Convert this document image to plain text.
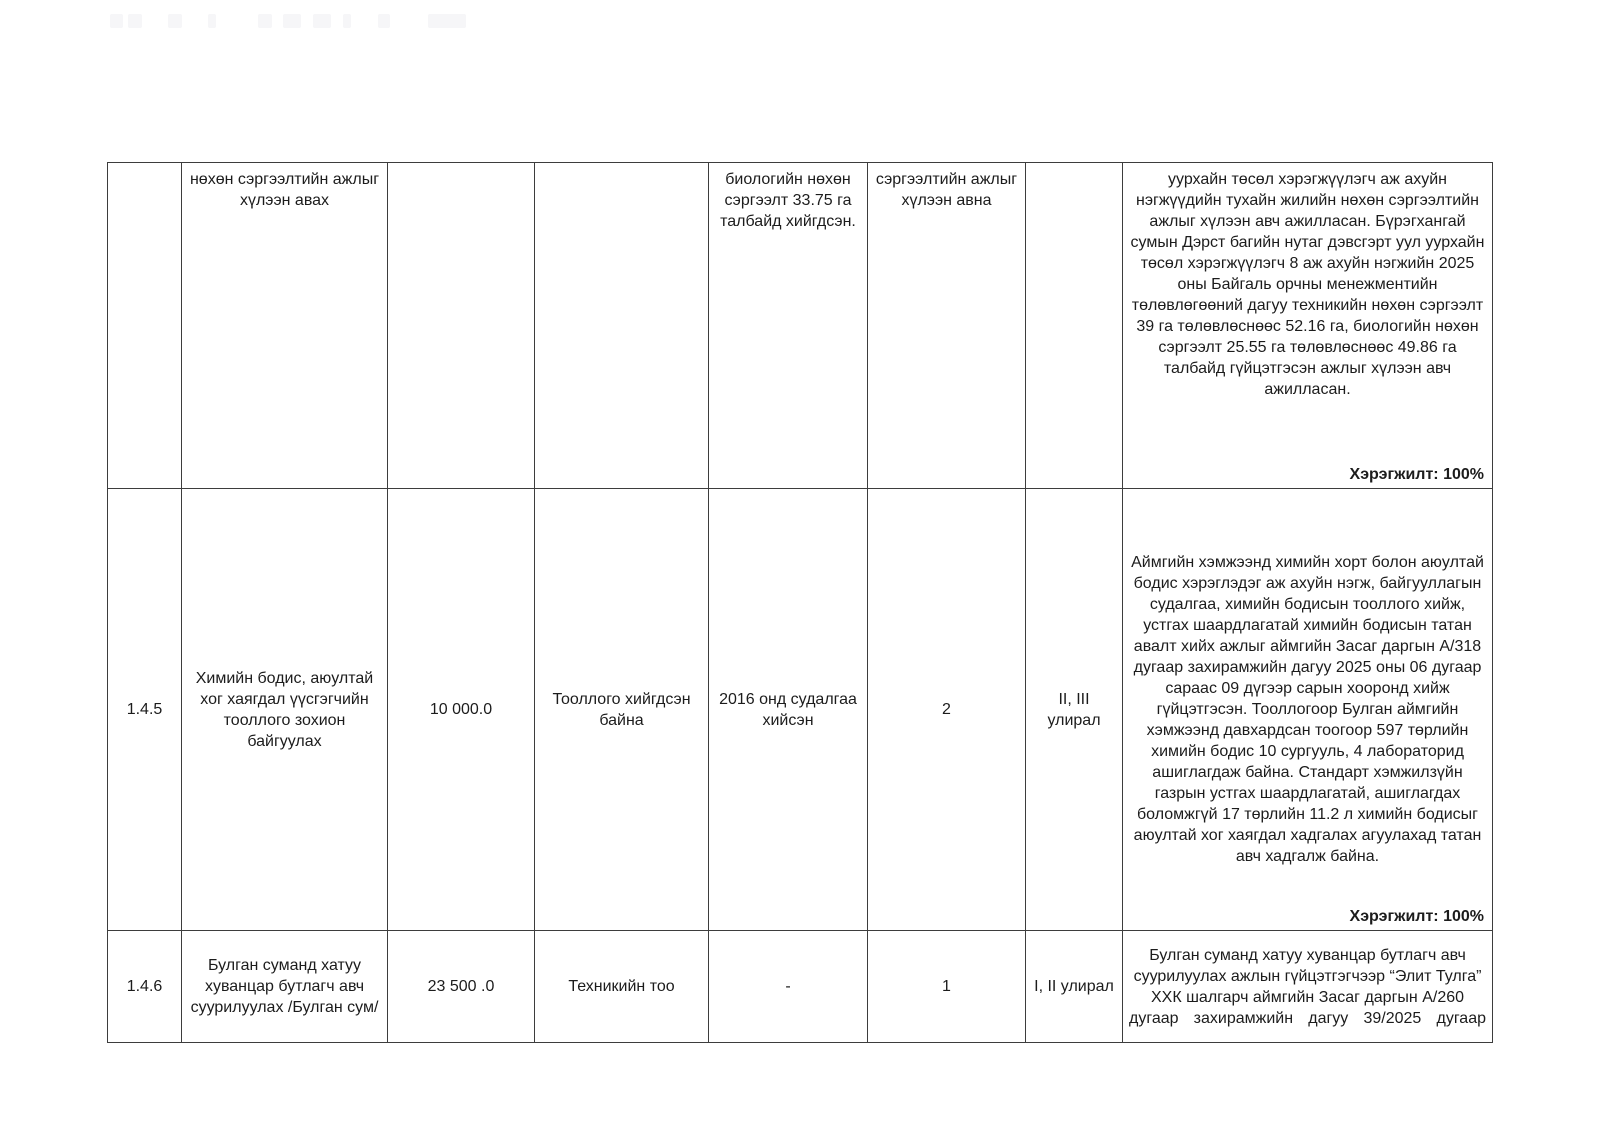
	нөхөн сэргээлтийн ажлыг хүлээн авах			биологийн нөхөн сэргээлт 33.75 га талбайд хийгдсэн.	сэргээлтийн ажлыг хүлээн авна		уурхайн төсөл хэрэгжүүлэгч аж ахуйн нэгжүүдийн тухайн жилийн нөхөн сэргээлтийн ажлыг хүлээн авч ажилласан. Бүрэгхангай сумын Дэрст багийн нутаг дэвсгэрт уул уурхайн төсөл хэрэгжүүлэгч 8 аж ахуйн нэгжийн 2025 оны Байгаль орчны менежментийн төлөвлөгөөний дагуу техникийн нөхөн сэргээлт 39 га төлөвлөснөөс 52.16 га, биологийн нөхөн сэргээлт 25.55 га төлөвлөснөөс 49.86 га талбайд гүйцэтгэсэн ажлыг хүлээн авч ажилласан.
Хэрэгжилт: 100%

1.4.5	Химийн бодис, аюултай хог хаягдал үүсгэгчийн тооллого зохион байгуулах	10 000.0	Тооллого хийгдсэн байна	2016 онд судалгаа хийсэн	2	II, III улирал	Аймгийн хэмжээнд химийн хорт болон аюултай бодис хэрэглэдэг аж ахуйн нэгж, байгууллагын судалгаа, химийн бодисын тооллого хийж, устгах шаардлагатай химийн бодисын татан авалт хийх ажлыг аймгийн Засаг даргын А/318 дугаар захирамжийн дагуу 2025 оны 06 дугаар сараас 09 дүгээр сарын хооронд хийж гүйцэтгэсэн. Тооллогоор Булган аймгийн хэмжээнд давхардсан тоогоор 597 төрлийн химийн бодис 10 сургууль, 4 лабораторид ашиглагдаж байна. Стандарт хэмжилзүйн газрын устгах шаардлагатай, ашиглагдах боломжгүй 17 төрлийн 11.2 л химийн бодисыг аюултай хог хаягдал хадгалах агуулахад татан авч хадгалж байна.
Хэрэгжилт: 100%

1.4.6	Булган суманд хатуу хуванцар бутлагч авч суурилуулах /Булган сум/	23 500 .0	Техникийн тоо	-	1	I, II улирал	Булган суманд хатуу хуванцар бутлагч авч суурилуулах ажлын гүйцэтгэгчээр “Элит Тулга” ХХК шалгарч аймгийн Засаг даргын А/260 дугаар захирамжийн дагуу 39/2025 дугаар
